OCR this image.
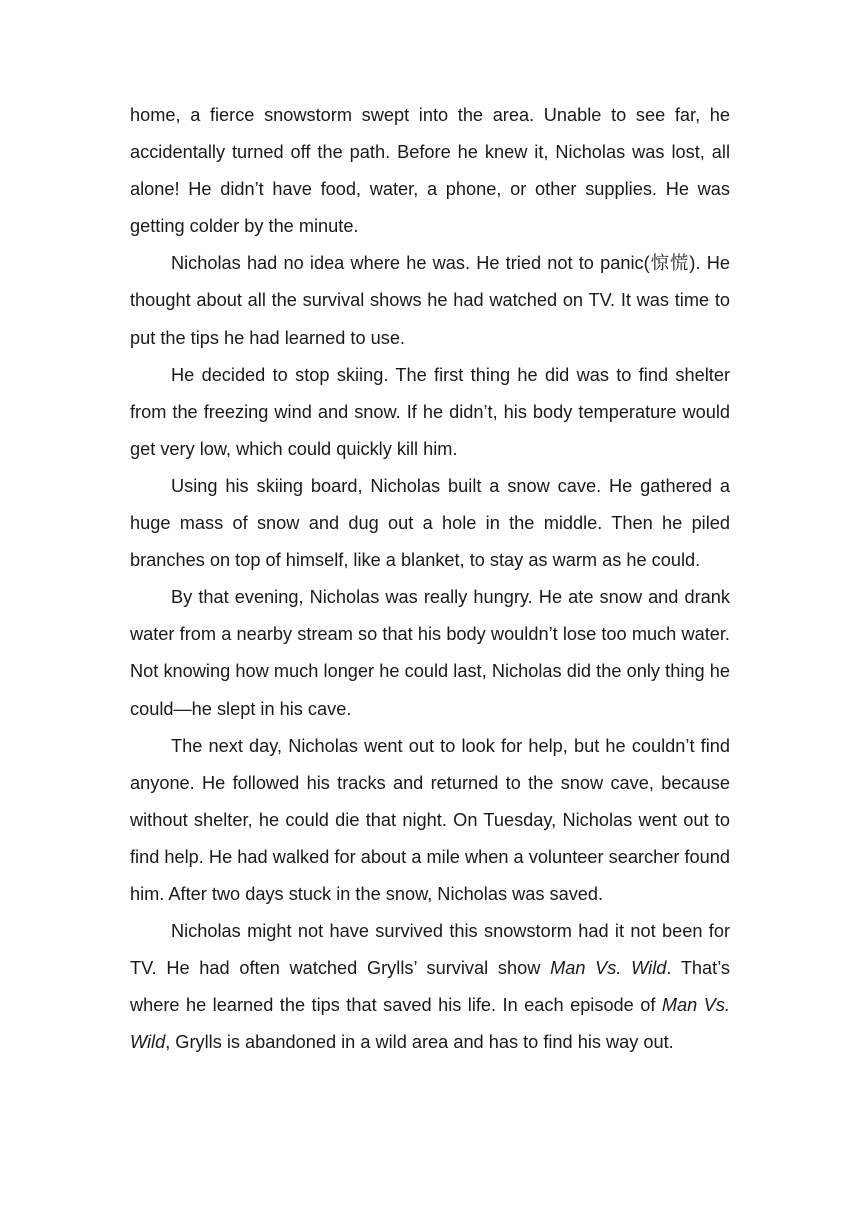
home, a fierce snowstorm swept into the area. Unable to see far, he accidentally turned off the path. Before he knew it, Nicholas was lost, all alone! He didn’t have food, water, a phone, or other supplies. He was getting colder by the minute.

Nicholas had no idea where he was. He tried not to panic(惊慌). He thought about all the survival shows he had watched on TV. It was time to put the tips he had learned to use.

He decided to stop skiing. The first thing he did was to find shelter from the freezing wind and snow. If he didn’t, his body temperature would get very low, which could quickly kill him.

Using his skiing board, Nicholas built a snow cave. He gathered a huge mass of snow and dug out a hole in the middle. Then he piled branches on top of himself, like a blanket, to stay as warm as he could.

By that evening, Nicholas was really hungry. He ate snow and drank water from a nearby stream so that his body wouldn’t lose too much water. Not knowing how much longer he could last, Nicholas did the only thing he could—he slept in his cave.

The next day, Nicholas went out to look for help, but he couldn’t find anyone. He followed his tracks and returned to the snow cave, because without shelter, he could die that night. On Tuesday, Nicholas went out to find help. He had walked for about a mile when a volunteer searcher found him. After two days stuck in the snow, Nicholas was saved.

Nicholas might not have survived this snowstorm had it not been for TV. He had often watched Grylls’ survival show Man Vs. Wild. That’s where he learned the tips that saved his life. In each episode of Man Vs. Wild, Grylls is abandoned in a wild area and has to find his way out.
